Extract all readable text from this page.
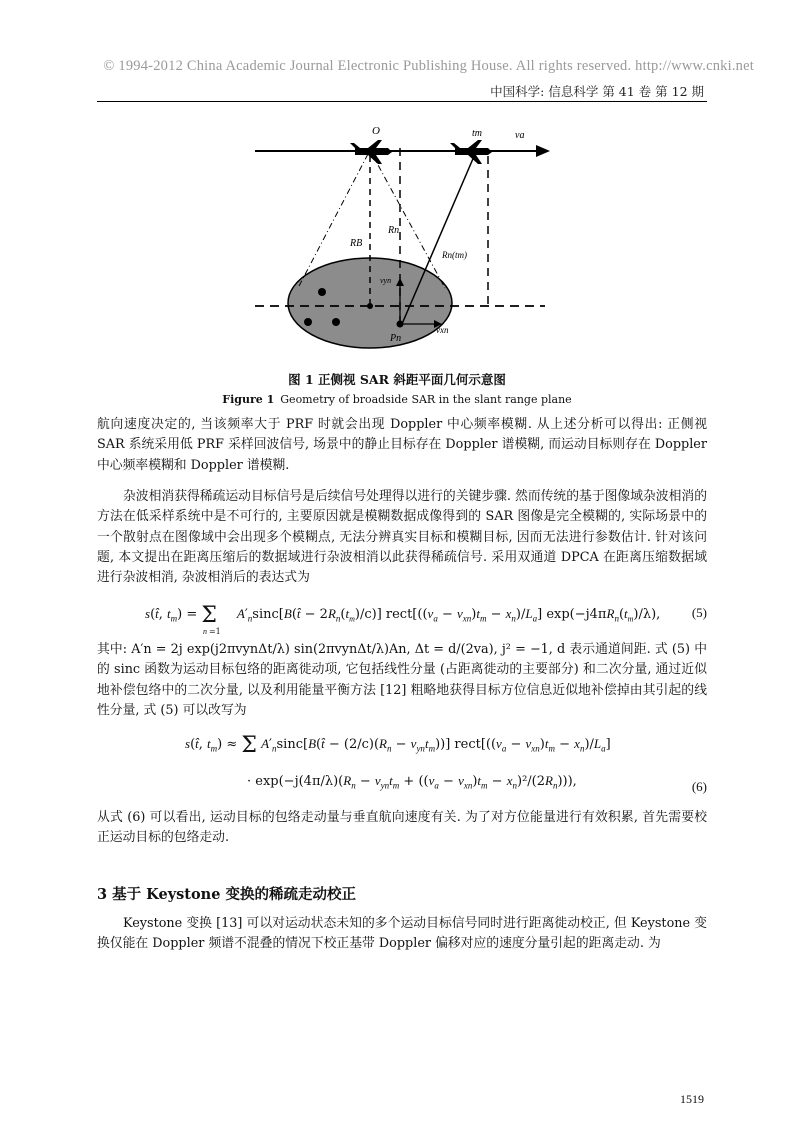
© 1994-2012 China Academic Journal Electronic Publishing House. All rights reserved. http://www.cnki.net
中国科学: 信息科学 第 41 卷 第 12 期
O	tm	va
RB
Rn
Rn(tm)
vyn
vxn
Pn
图 1 正侧视 SAR 斜距平面几何示意图
Figure 1 Geometry of broadside SAR in the slant range plane
航向速度决定的, 当该频率大于 PRF 时就会出现 Doppler 中心频率模糊. 从上述分析可以得出: 正侧视 SAR 系统采用低 PRF 采样回波信号, 场景中的静止目标存在 Doppler 谱模糊, 而运动目标则存在 Doppler 中心频率模糊和 Doppler 谱模糊.
杂波相消获得稀疏运动目标信号是后续信号处理得以进行的关键步骤. 然而传统的基于图像域杂波相消的方法在低采样系统中是不可行的, 主要原因就是模糊数据成像得到的 SAR 图像是完全模糊的, 实际场景中的一个散射点在图像域中会出现多个模糊点, 无法分辨真实目标和模糊目标, 因而无法进行参数估计. 针对该问题, 本文提出在距离压缩后的数据域进行杂波相消以此获得稀疏信号. 采用双通道 DPCA 在距离压缩数据域进行杂波相消, 杂波相消后的表达式为
s(t̂, $t_m) = \Sigma_n$ $_{=1}$ $A'_n\sin c[B(t̂ - 2R_n(t_m)/c)]$ $rect[((v_a - v_{xn})t_m - x_n)/L_a]$ $\exp(-j4\pi R_n(t_m)/\lambda)$, (5)
其中: A′n = 2j exp(j2πvynΔt/λ) sin(2πvynΔt/λ)An, Δt = d/(2va), j² = −1, d 表示通道间距. 式 (5) 中的 sinc 函数为运动目标包络的距离徙动项, 它包括线性分量 (占距离徙动的主要部分) 和二次分量, 通过近似地补偿包络中的二次分量, 以及利用能量平衡方法 [12] 粗略地获得目标方位信息近似地补偿掉由其引起的线性分量, 式 (5) 可以改写为
s(t̂, $t_m) \approx \Sigma$ $A'_n\sin c[B(t̂ - (2/c)(R_n - v_{yn}t_m))]$ $rect[((v_a - v_{xn})t_m - x_n)/L_a]$
· $\exp(-j(4\pi/\lambda)(R_n - v_{yn}t_m + ((v_a - v_{xn})t_m - x_n)^2/(2R_n)))$,	(6)
从式 (6) 可以看出, 运动目标的包络走动量与垂直航向速度有关. 为了对方位能量进行有效积累, 首先需要校正运动目标的包络走动.
3 基于 Keystone 变换的稀疏走动校正
Keystone 变换 [13] 可以对运动状态未知的多个运动目标信号同时进行距离徙动校正, 但 Keystone 变换仅能在 Doppler 频谱不混叠的情况下校正基带 Doppler 偏移对应的速度分量引起的距离走动. 为
1519
